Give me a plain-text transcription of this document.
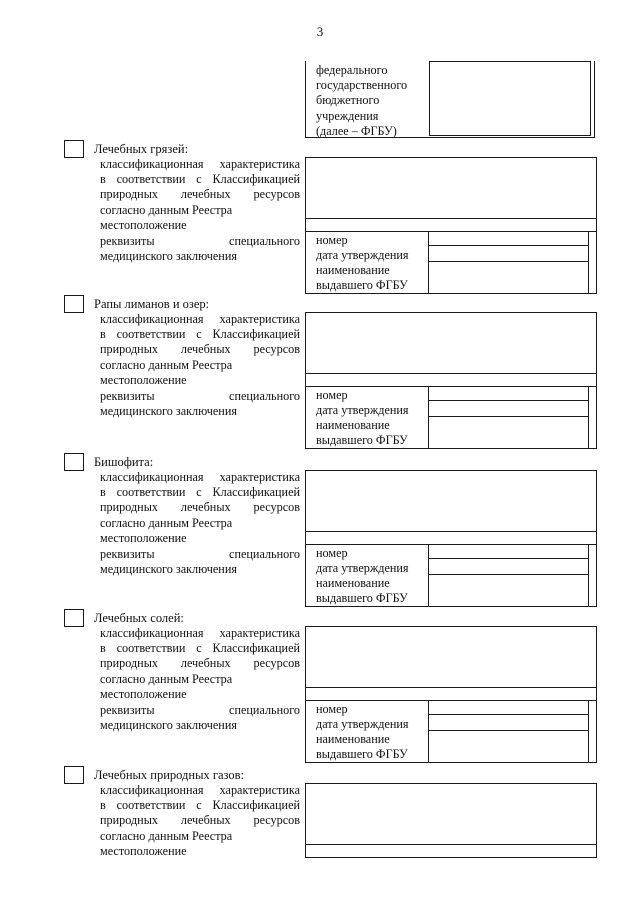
3
федерального
государственного
бюджетного
учреждения
(далее – ФГБУ)
Лечебных грязей:
классификационная характеристика
в соответствии с Классификацией
природных лечебных ресурсов
согласно данным Реестра
местоположение
реквизиты специального
медицинского заключения
номер
дата утверждения
наименование
выдавшего ФГБУ
Рапы лиманов и озер:
классификационная характеристика
в соответствии с Классификацией
природных лечебных ресурсов
согласно данным Реестра
местоположение
реквизиты специального
медицинского заключения
номер
дата утверждения
наименование
выдавшего ФГБУ
Бишофита:
классификационная характеристика
в соответствии с Классификацией
природных лечебных ресурсов
согласно данным Реестра
местоположение
реквизиты специального
медицинского заключения
номер
дата утверждения
наименование
выдавшего ФГБУ
Лечебных солей:
классификационная характеристика
в соответствии с Классификацией
природных лечебных ресурсов
согласно данным Реестра
местоположение
реквизиты специального
медицинского заключения
номер
дата утверждения
наименование
выдавшего ФГБУ
Лечебных природных газов:
классификационная характеристика
в соответствии с Классификацией
природных лечебных ресурсов
согласно данным Реестра
местоположение
